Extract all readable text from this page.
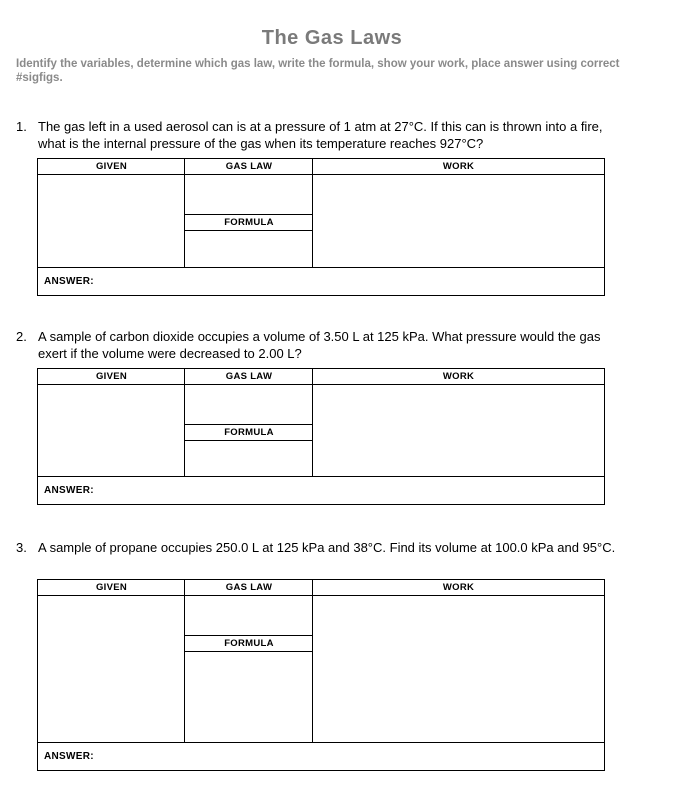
The Gas Laws
Identify the variables, determine which gas law, write the formula, show your work, place answer using correct #sigfigs.
1. The gas left in a used aerosol can is at a pressure of 1 atm at 27°C. If this can is thrown into a fire, what is the internal pressure of the gas when its temperature reaches 927°C?
GIVEN	GAS LAW	WORK
FORMULA
ANSWER:
2. A sample of carbon dioxide occupies a volume of 3.50 L at 125 kPa. What pressure would the gas exert if the volume were decreased to 2.00 L?
GIVEN	GAS LAW	WORK
FORMULA
ANSWER:
3. A sample of propane occupies 250.0 L at 125 kPa and 38°C. Find its volume at 100.0 kPa and 95°C.
GIVEN	GAS LAW	WORK
FORMULA
ANSWER:
